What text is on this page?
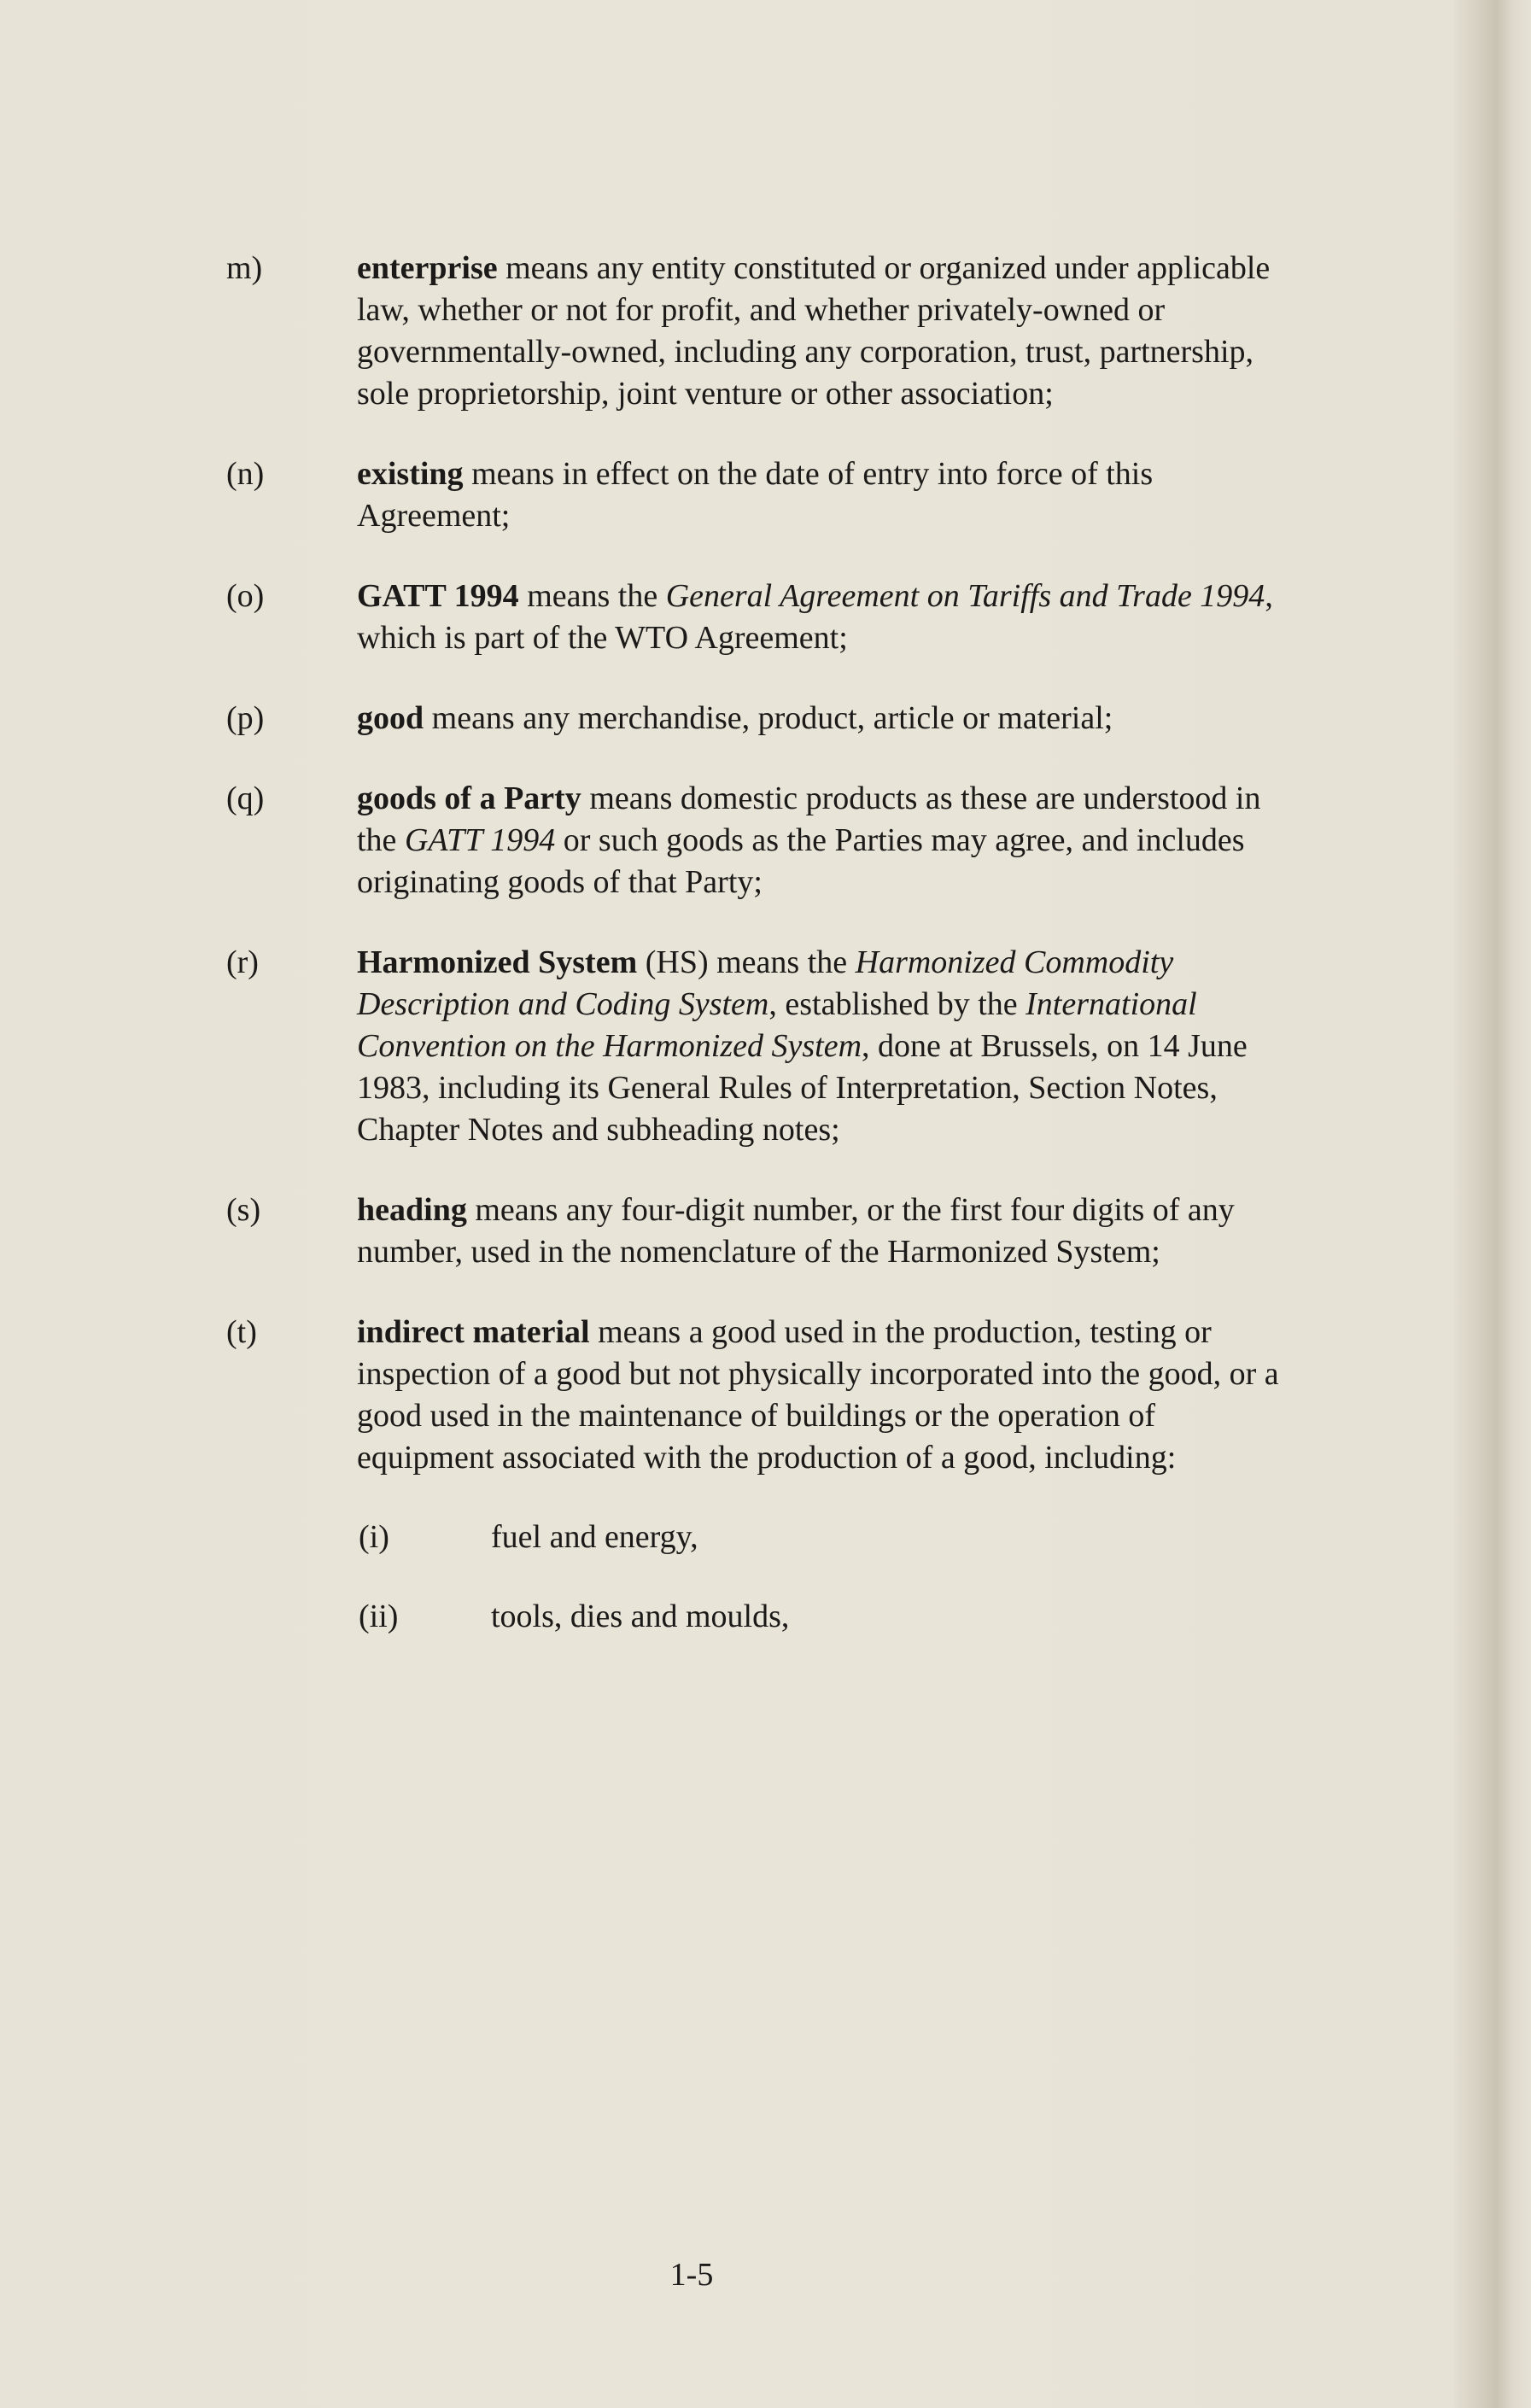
m)	enterprise means any entity constituted or organized under applicable law, whether or not for profit, and whether privately-owned or governmentally-owned, including any corporation, trust, partnership, sole proprietorship, joint venture or other association;
(n)	existing means in effect on the date of entry into force of this Agreement;
(o)	GATT 1994 means the General Agreement on Tariffs and Trade 1994, which is part of the WTO Agreement;
(p)	good means any merchandise, product, article or material;
(q)	goods of a Party means domestic products as these are understood in the GATT 1994 or such goods as the Parties may agree, and includes originating goods of that Party;
(r)	Harmonized System (HS) means the Harmonized Commodity Description and Coding System, established by the International Convention on the Harmonized System, done at Brussels, on 14 June 1983, including its General Rules of Interpretation, Section Notes, Chapter Notes and subheading notes;
(s)	heading means any four-digit number, or the first four digits of any number, used in the nomenclature of the Harmonized System;
(t)	indirect material means a good used in the production, testing or inspection of a good but not physically incorporated into the good, or a good used in the maintenance of buildings or the operation of equipment associated with the production of a good, including:
(i)	fuel and energy,
(ii)	tools, dies and moulds,
1-5
